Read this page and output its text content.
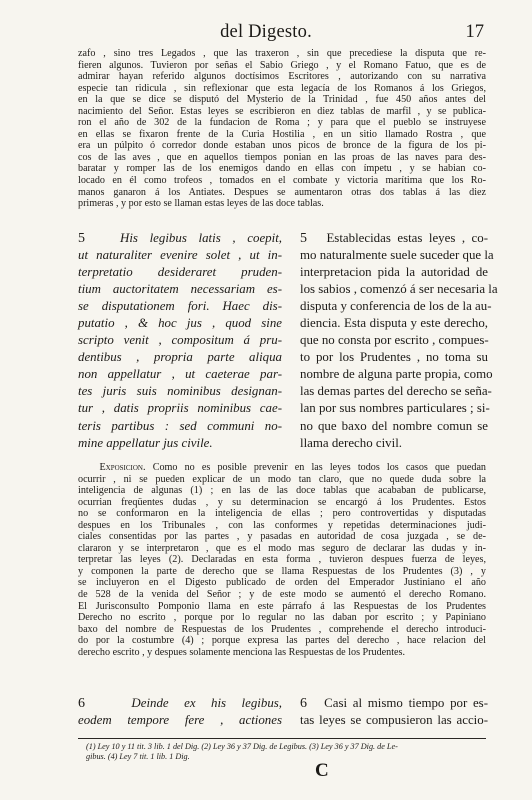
del Digesto.	17
zafo , sino tres Legados , que las traxeron , sin que precediese la disputa que re-
fieren algunos. Tuvieron por señas el Sabio Griego , y el Romano Fatuo, que es de
admirar hayan referido algunos doctísimos Escritores , autorizando con su narrativa
especie tan ridicula , sin reflexionar que esta legacía de los Romanos á los Griegos,
en la que se dice se disputó del Mysterio de la Trinidad , fue 450 años antes del
nacimiento del Señor. Estas leyes se escribieron en diez tablas de marfil , y se publica-
ron el año de 302 de la fundacion de Roma ; y para que el pueblo se instruyese
en ellas se fixaron frente de la Curia Hostilia , en un sitio llamado Rostra , que
era un púlpito ó corredor donde estaban unos picos de bronce de la figura de los pi-
cos de las aves , que en aquellos tiempos ponian en las proas de las naves para des-
baratar y romper las de los enemigos dando en ellas con ímpetu , y se habian co-
locado en él como trofeos , tomados en el combate y victoria marítima que los Ro-
manos ganaron á los Antiates. Despues se aumentaron otras dos tablas á las diez
primeras , y por esto se llaman estas leyes de las doce tablas.
5	His legibus latis , coepit,
ut naturaliter evenire solet , ut in-
terpretatio desideraret pruden-
tium auctoritatem necessariam es-
se disputationem fori. Haec dis-
putatio , & hoc jus , quod sine
scripto venit , compositum á pru-
dentibus , propria parte aliqua
non appellatur , ut caeterae par-
tes juris suis nominibus designan-
tur , datis propriis nominibus cae-
teris partibus : sed communi no-
mine appellatur jus civile.
5 Establecidas estas leyes , co-
mo naturalmente suele suceder que la
interpretacion pida la autoridad de
los sabios , comenzó á ser necesaria la
disputa y conferencia de los de la au-
diencia. Esta disputa y este derecho,
que no consta por escrito , compues-
to por los Prudentes , no toma su
nombre de alguna parte propia, como
las demas partes del derecho se seña-
lan por sus nombres particulares ; si-
no que baxo del nombre comun se
llama derecho civil.
Exposicion. Como no es posible prevenir en las leyes todos los casos que puedan
ocurrir , ni se pueden explicar de un modo tan claro, que no quede duda sobre la
inteligencia de algunas (1) ; en las de las doce tablas que acababan de publicarse,
ocurrian freqüentes dudas , y su determinacion se encargó á los Prudentes. Estos
no se conformaron en la inteligencia de ellas ; pero controvertidas y disputadas
despues en los Tribunales , con las conformes y repetidas determinaciones judi-
ciales consentidas por las partes , y pasadas en autoridad de cosa juzgada , se de-
clararon y se interpretaron , que es el modo mas seguro de declarar las dudas y in-
terpretar las leyes (2). Declaradas en esta forma , tuvieron despues fuerza de leyes,
y componen la parte de derecho que se llama Respuestas de los Prudentes (3) , y
se incluyeron en el Digesto publicado de orden del Emperador Justiniano el año
de 528 de la venida del Señor ; y de este modo se aumentó el derecho Romano.
El Jurisconsulto Pomponio llama en este párrafo á las Respuestas de los Prudentes
Derecho no escrito , porque por lo regular no las daban por escrito ; y Papiniano
baxo del nombre de Respuestas de los Prudentes , comprehende el derecho introduci-
do por la costumbre (4) ; porque expresa las partes del derecho , hace relacion del
derecho escrito , y despues solamente menciona las Respuestas de los Prudentes.
6	Deinde ex his legibus,
eodem tempore fere , actiones
6 Casi al mismo tiempo por es-
tas leyes se compusieron las accio-
(1) Ley 10 y 11 tit. 3 lib. 1 del Dig. (2) Ley 36 y 37 Dig. de Legibus. (3) Ley 36 y 37 Dig. de Le-
gibus. (4) Ley 7 tit. 1 lib. 1 Dig.
C
